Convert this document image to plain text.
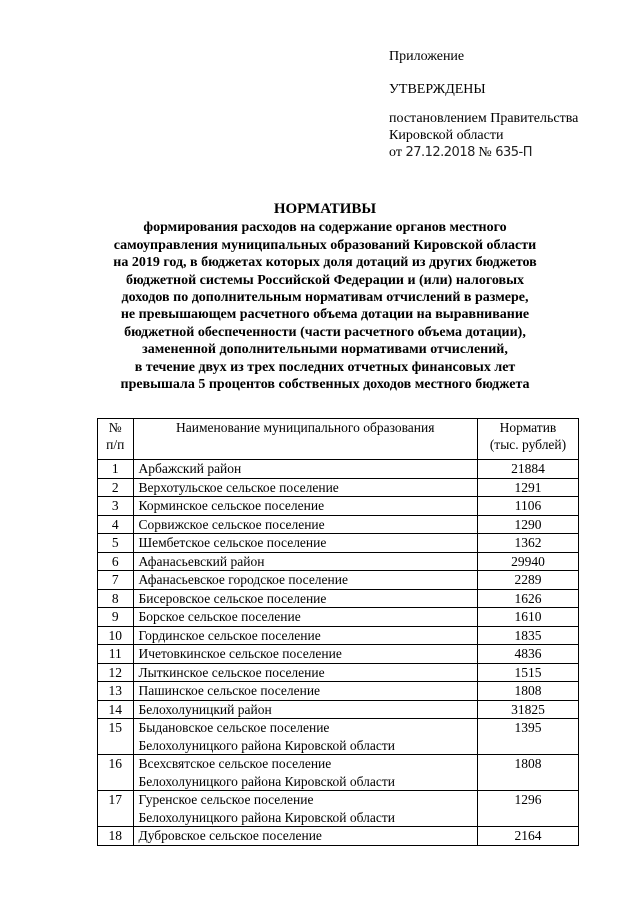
Приложение
УТВЕРЖДЕНЫ
постановлением Правительства
Кировской области
от 27.12.2018 № 635-П
НОРМАТИВЫ
формирования расходов на содержание органов местного
самоуправления муниципальных образований Кировской области
на 2019 год, в бюджетах которых доля дотаций из других бюджетов
бюджетной системы Российской Федерации и (или) налоговых
доходов по дополнительным нормативам отчислений в размере,
не превышающем расчетного объема дотации на выравнивание
бюджетной обеспеченности (части расчетного объема дотации),
замененной дополнительными нормативами отчислений,
в течение двух из трех последних отчетных финансовых лет
превышала 5 процентов собственных доходов местного бюджета
№
п/п	Наименование муниципального образования	Норматив
(тыс. рублей)

1	Арбажский район	21884
2	Верхотульское сельское поселение	1291
3	Корминское сельское поселение	1106
4	Сорвижское сельское поселение	1290
5	Шембетское сельское поселение	1362
6	Афанасьевский район	29940
7	Афанасьевское городское поселение	2289
8	Бисеровское сельское поселение	1626
9	Борское сельское поселение	1610
10	Гординское сельское поселение	1835
11	Ичетовкинское сельское поселение	4836
12	Лыткинское сельское поселение	1515
13	Пашинское сельское поселение	1808
14	Белохолуницкий район	31825
15	Быдановское сельское поселение
Белохолуницкого района Кировской области	1395
16	Всехсвятское сельское поселение
Белохолуницкого района Кировской области	1808
17	Гуренское сельское поселение
Белохолуницкого района Кировской области	1296
18	Дубровское сельское поселение	2164
